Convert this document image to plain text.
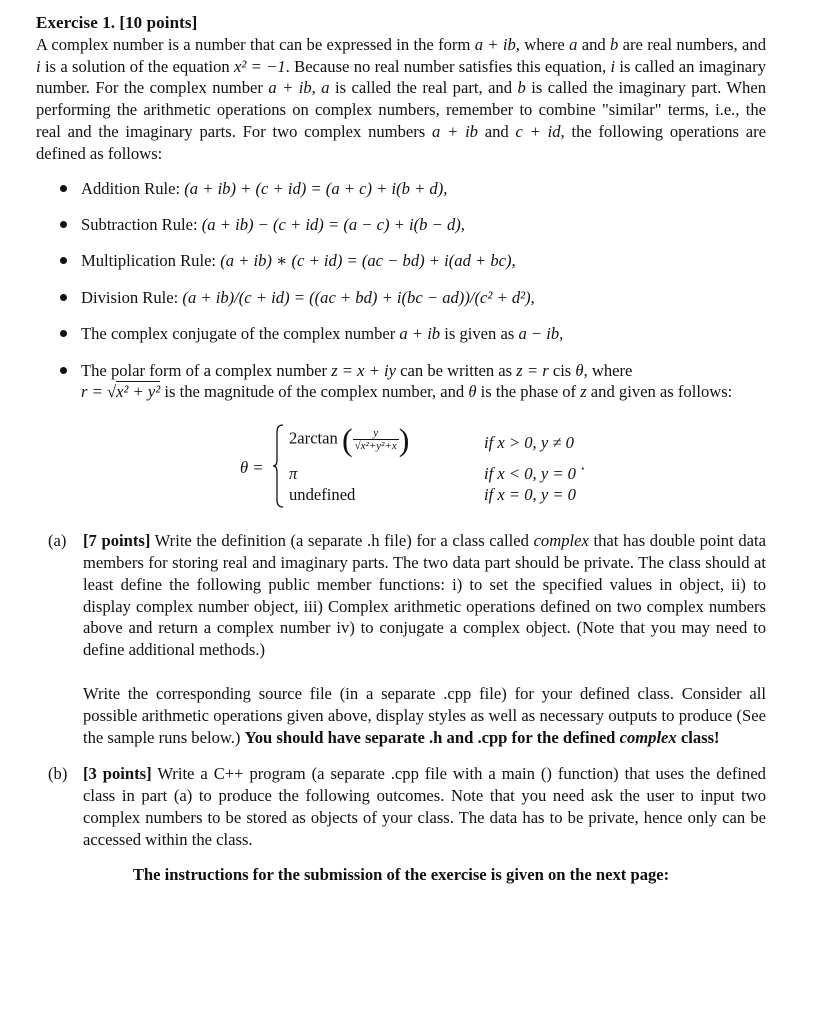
Exercise 1. [10 points]
A complex number is a number that can be expressed in the form a + ib, where a and b are real numbers, and i is a solution of the equation x² = −1. Because no real number satisfies this equation, i is called an imaginary number. For the complex number a + ib, a is called the real part, and b is called the imaginary part. When performing the arithmetic operations on complex numbers, remember to combine "similar" terms, i.e., the real and the imaginary parts. For two complex numbers a + ib and c + id, the following operations are defined as follows:

Addition Rule: (a + ib) + (c + id) = (a + c) + i(b + d),
Subtraction Rule: (a + ib) − (c + id) = (a − c) + i(b − d),
Multiplication Rule: (a + ib) ∗ (c + id) = (ac − bd) + i(ad + bc),
Division Rule: (a + ib)/(c + id) = ((ac + bd) + i(bc − ad))/(c² + d²),
The complex conjugate of the complex number a + ib is given as a − ib,
The polar form of a complex number z = x + iy can be written as z = r cis θ, where
r = √x² + y² is the magnitude of the complex number, and θ is the phase of z and given as follows:
θ =
2arctan ( $\frac{y}{\text{√x²+y²+x}}$ )	if x > 0, y ≠ 0
π	if x < 0, y = 0 ·
undefined	if x = 0, y = 0
(a) [7 points] Write the definition (a separate .h file) for a class called complex that has double point data members for storing real and imaginary parts. The two data part should be private. The class should at least define the following public member functions: i) to set the specified values in object, ii) to display complex number object, iii) Complex arithmetic operations defined on two complex numbers above and return a complex number iv) to conjugate a complex object. (Note that you may need to define additional methods.)
Write the corresponding source file (in a separate .cpp file) for your defined class. Consider all possible arithmetic operations given above, display styles as well as necessary outputs to produce (See the sample runs below.) You should have separate .h and .cpp for the defined complex class!
(b) [3 points] Write a C++ program (a separate .cpp file with a main () function) that uses the defined class in part (a) to produce the following outcomes. Note that you need ask the user to input two complex numbers to be stored as objects of your class. The data has to be private, hence only can be accessed within the class.
The instructions for the submission of the exercise is given on the next page:
